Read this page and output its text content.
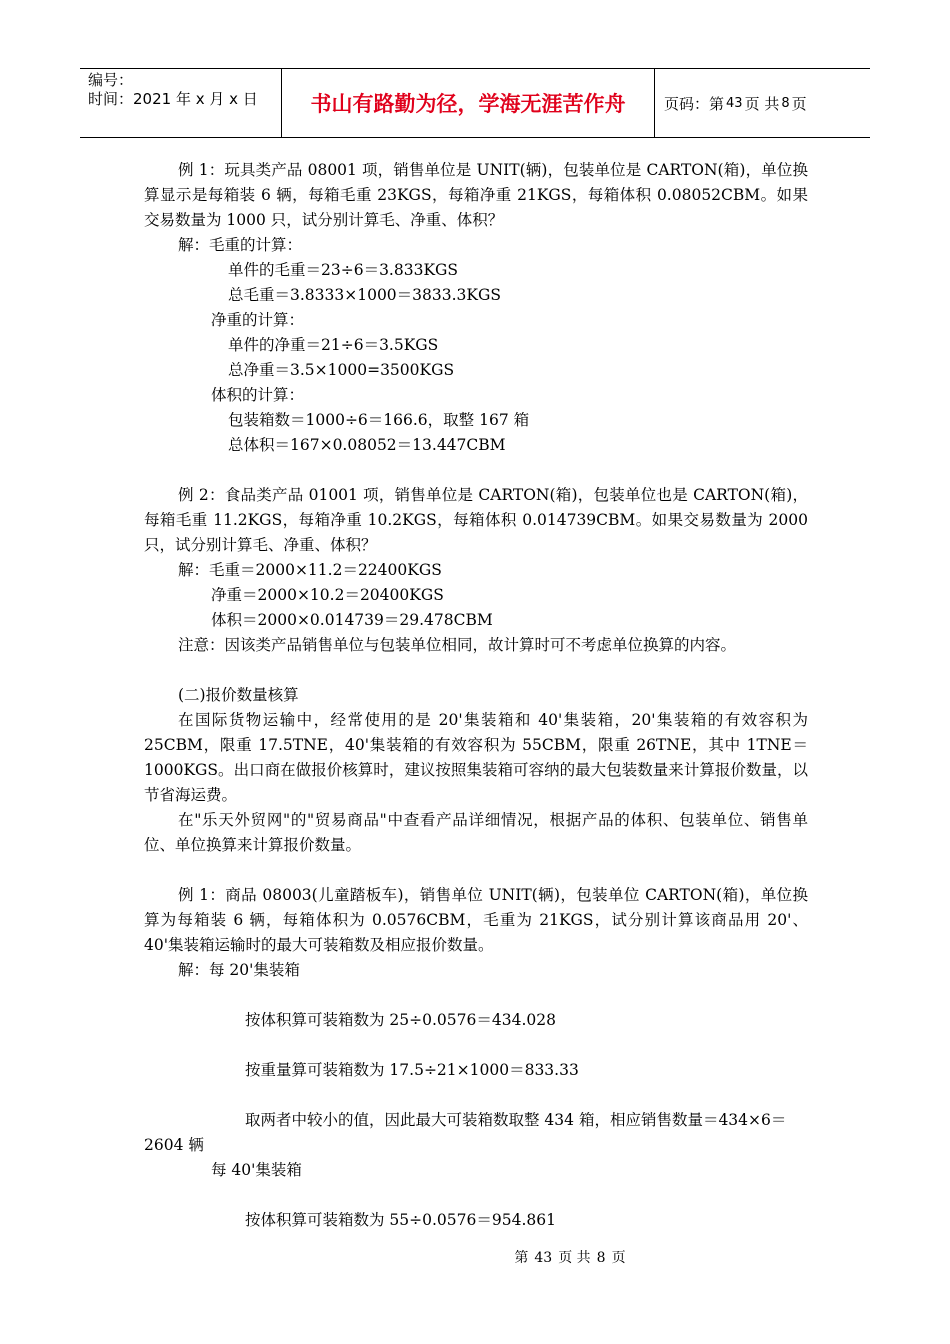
编号：
时间：2021 年 x 月 x 日	书山有路勤为径，学海无涯苦作舟	页码：第 43 页 共 8 页

例 1：玩具类产品 08001 项，销售单位是 UNIT(辆)，包装单位是 CARTON(箱)，单位换算显示是每箱装 6 辆，每箱毛重 23KGS，每箱净重 21KGS，每箱体积 0.08052CBM。如果交易数量为 1000 只，试分别计算毛、净重、体积？

解：毛重的计算：

单件的毛重＝23÷6＝3.833KGS

总毛重＝3.8333×1000＝3833.3KGS

净重的计算：

单件的净重＝21÷6＝3.5KGS

总净重＝3.5×1000=3500KGS

体积的计算：

包装箱数＝1000÷6＝166.6，取整 167 箱

总体积＝167×0.08052＝13.447CBM

例 2：食品类产品 01001 项，销售单位是 CARTON(箱)，包装单位也是 CARTON(箱)，每箱毛重 11.2KGS，每箱净重 10.2KGS，每箱体积 0.014739CBM。如果交易数量为 2000 只，试分别计算毛、净重、体积？

解：毛重＝2000×11.2＝22400KGS

净重＝2000×10.2＝20400KGS

体积＝2000×0.014739＝29.478CBM

注意：因该类产品销售单位与包装单位相同，故计算时可不考虑单位换算的内容。

(二)报价数量核算

在国际货物运输中，经常使用的是 20'集装箱和 40'集装箱，20'集装箱的有效容积为 25CBM，限重 17.5TNE，40'集装箱的有效容积为 55CBM，限重 26TNE，其中 1TNE＝1000KGS。出口商在做报价核算时，建议按照集装箱可容纳的最大包装数量来计算报价数量，以节省海运费。

在"乐天外贸网"的"贸易商品"中查看产品详细情况，根据产品的体积、包装单位、销售单位、单位换算来计算报价数量。

例 1：商品 08003(儿童踏板车)，销售单位 UNIT(辆)，包装单位 CARTON(箱)，单位换算为每箱装 6 辆，每箱体积为 0.0576CBM，毛重为 21KGS，试分别计算该商品用 20'、40'集装箱运输时的最大可装箱数及相应报价数量。

解：每 20'集装箱

按体积算可装箱数为 25÷0.0576＝434.028

按重量算可装箱数为 17.5÷21×1000＝833.33

取两者中较小的值，因此最大可装箱数取整 434 箱，相应销售数量＝434×6＝

2604 辆

每 40'集装箱

按体积算可装箱数为 55÷0.0576＝954.861

第 43 页 共 8 页
